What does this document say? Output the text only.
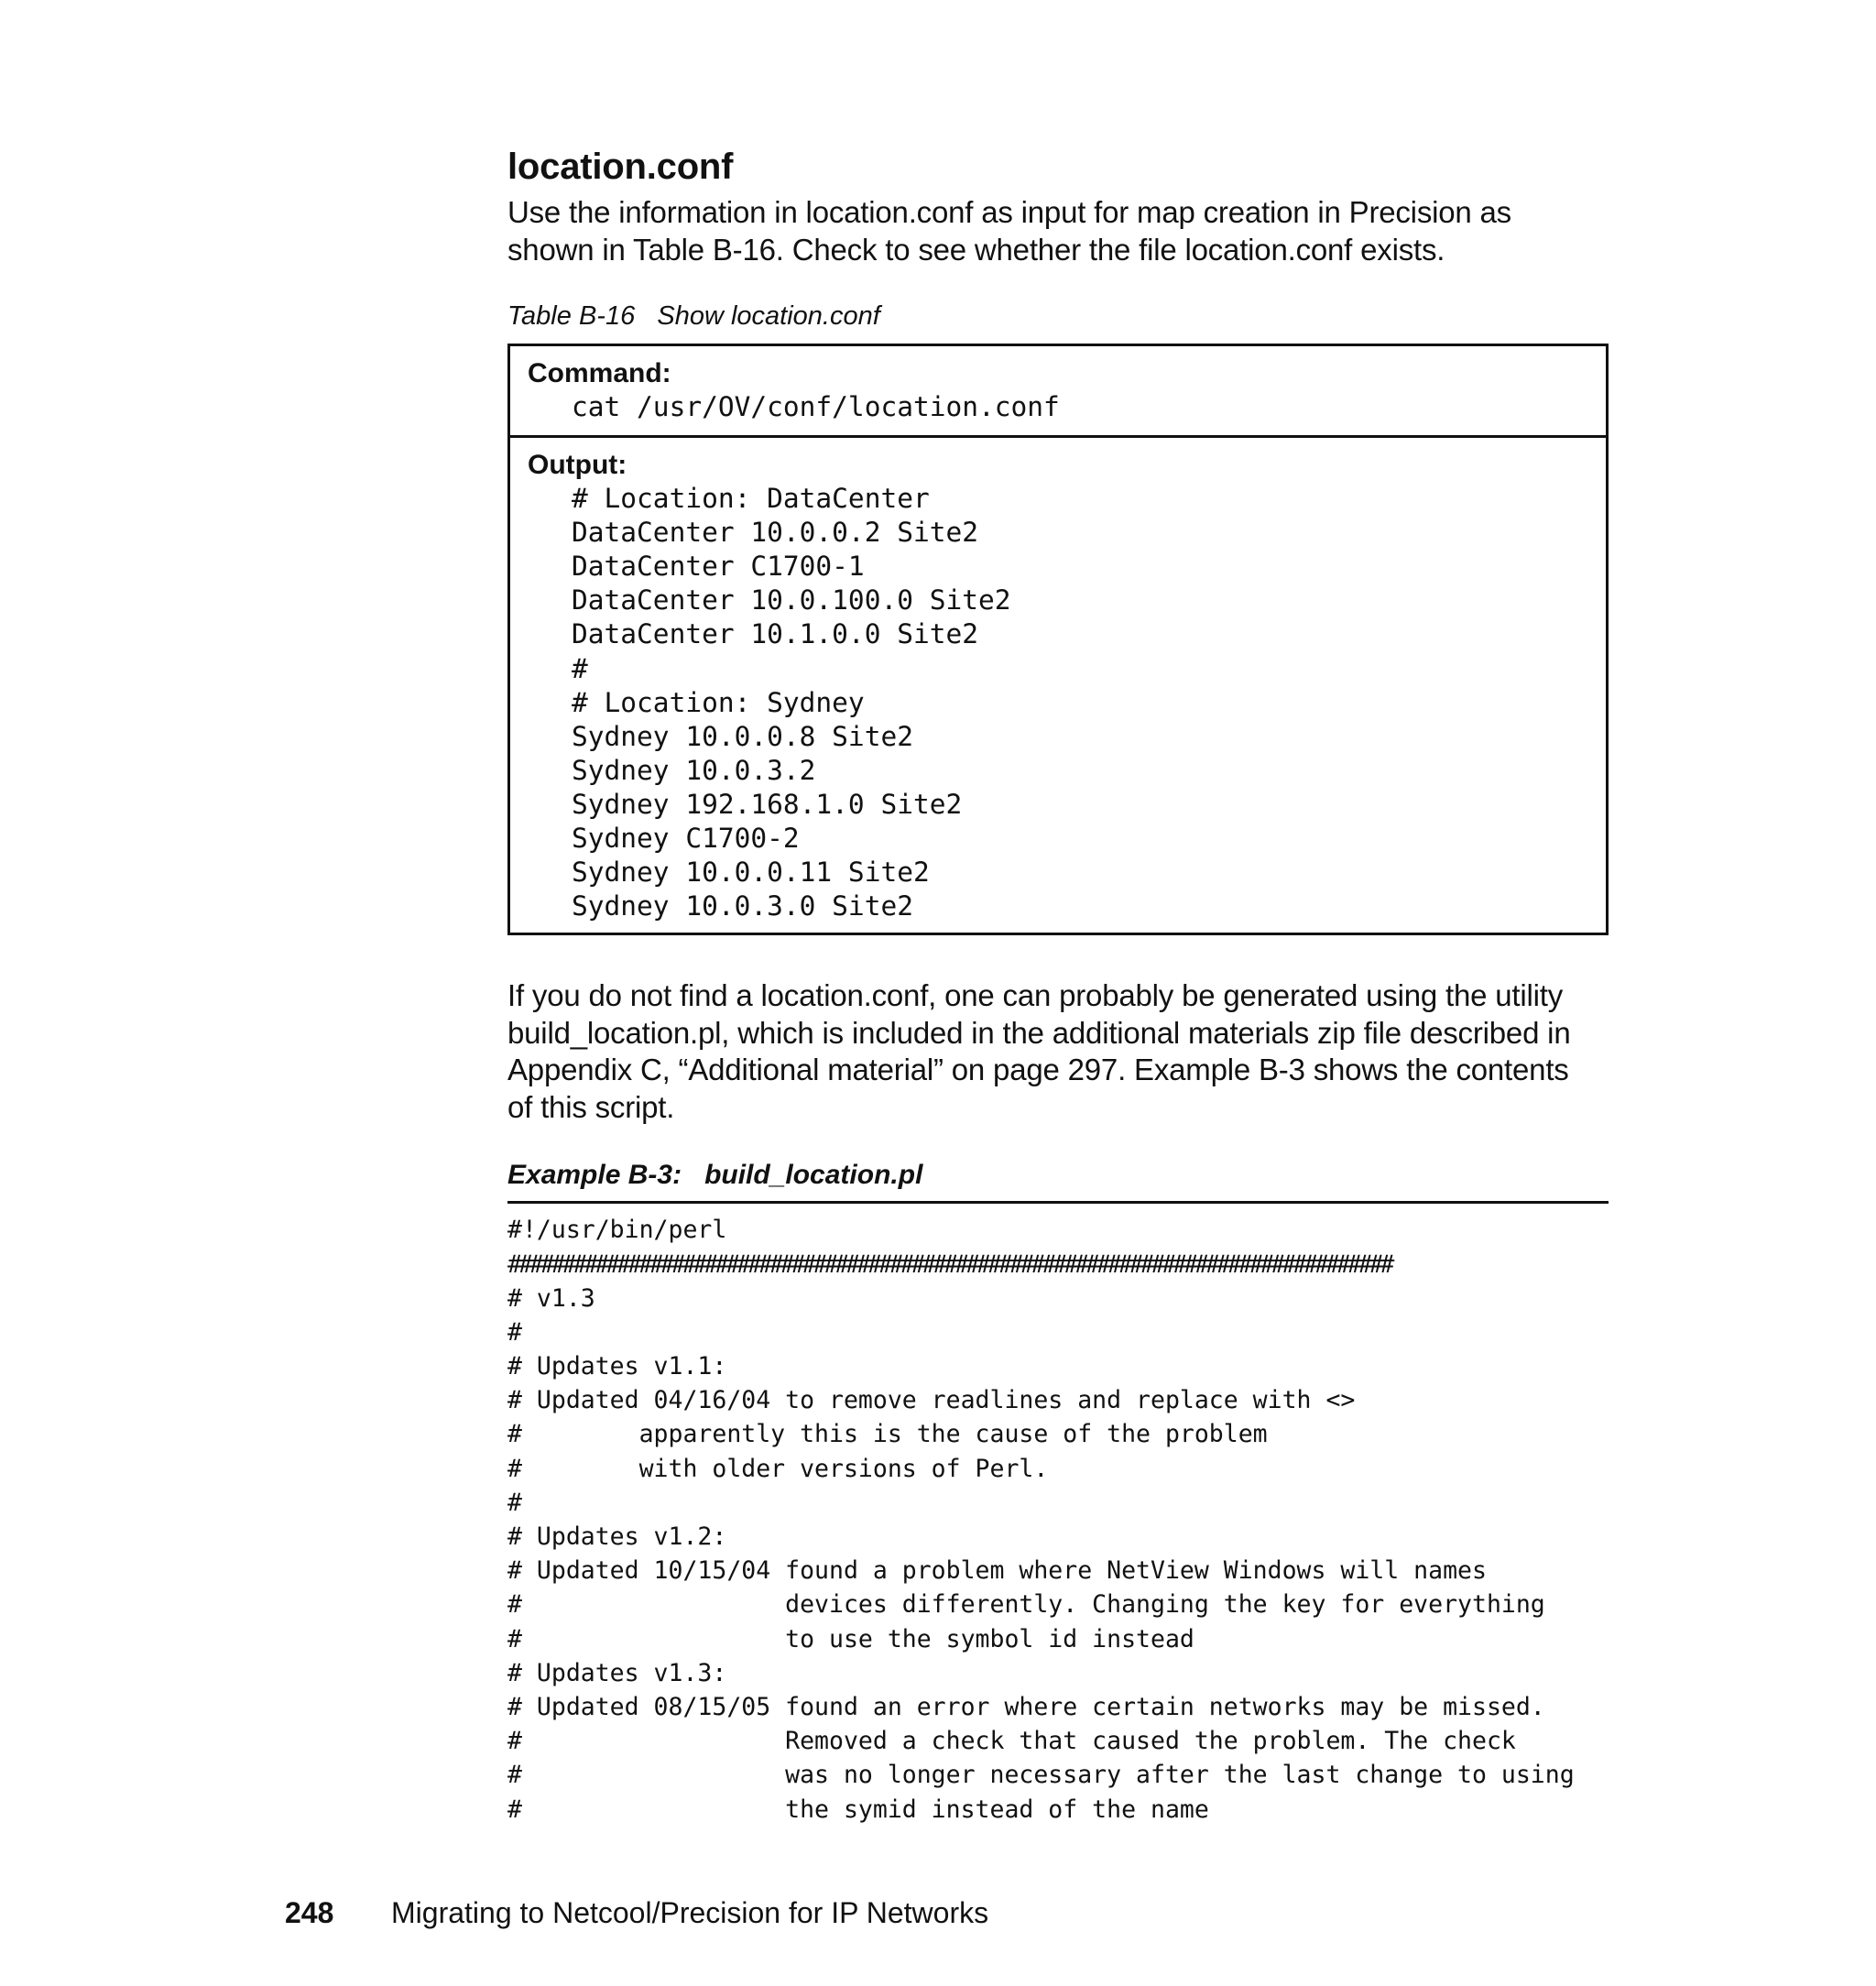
location.conf

Use the information in location.conf as input for map creation in Precision as
shown in Table B-16. Check to see whether the file location.conf exists.

Table B-16   Show location.conf
Command:
cat /usr/OV/conf/location.conf
Output:
# Location: DataCenter
DataCenter 10.0.0.2 Site2
DataCenter C1700-1
DataCenter 10.0.100.0 Site2
DataCenter 10.1.0.0 Site2
#
# Location: Sydney
Sydney 10.0.0.8 Site2
Sydney 10.0.3.2
Sydney 192.168.1.0 Site2
Sydney C1700-2
Sydney 10.0.0.11 Site2
Sydney 10.0.3.0 Site2

If you do not find a location.conf, one can probably be generated using the utility
build_location.pl, which is included in the additional materials zip file described in
Appendix C, “Additional material” on page 297. Example B-3 shows the contents
of this script.

Example B-3:   build_location.pl
#!/usr/bin/perl
#################################################################################
# v1.3
#
# Updates v1.1:
# Updated 04/16/04 to remove readlines and replace with <>
#        apparently this is the cause of the problem
#        with older versions of Perl.
#
# Updates v1.2:
# Updated 10/15/04 found a problem where NetView Windows will names
#                  devices differently. Changing the key for everything
#                  to use the symbol id instead
# Updates v1.3:
# Updated 08/15/05 found an error where certain networks may be missed.
#                  Removed a check that caused the problem. The check
#                  was no longer necessary after the last change to using
#                  the symid instead of the name
248 Migrating to Netcool/Precision for IP Networks
